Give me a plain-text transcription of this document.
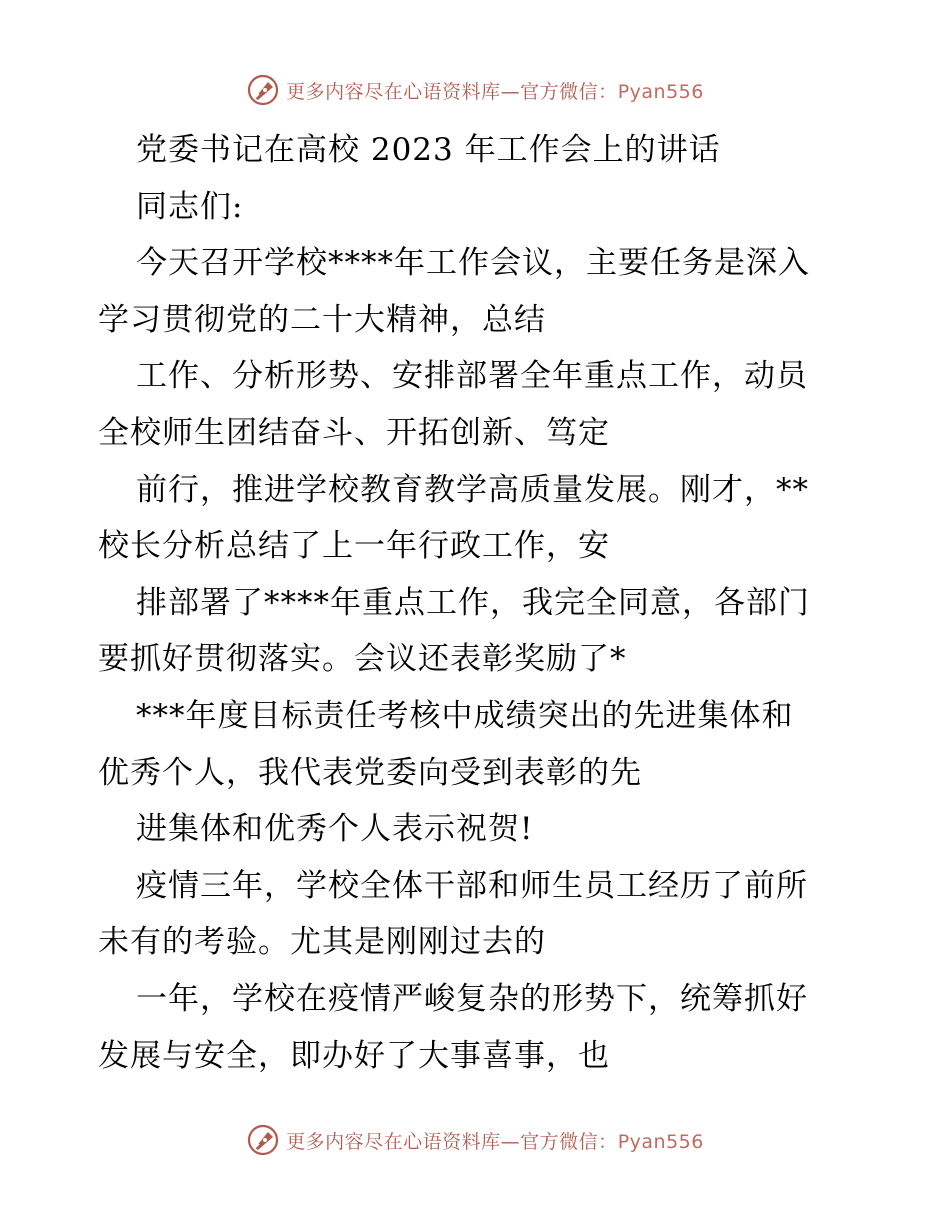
更多内容尽在心语资料库—官方微信：Pyan556
党委书记在高校 2023 年工作会上的讲话
同志们:
今天召开学校****年工作会议，主要任务是深入
学习贯彻党的二十大精神，总结
工作、分析形势、安排部署全年重点工作，动员
全校师生团结奋斗、开拓创新、笃定
前行，推进学校教育教学高质量发展。刚才，**
校长分析总结了上一年行政工作，安
排部署了****年重点工作，我完全同意，各部门
要抓好贯彻落实。会议还表彰奖励了*
***年度目标责任考核中成绩突出的先进集体和
优秀个人，我代表党委向受到表彰的先
进集体和优秀个人表示祝贺!
疫情三年，学校全体干部和师生员工经历了前所
未有的考验。尤其是刚刚过去的
一年，学校在疫情严峻复杂的形势下，统筹抓好
发展与安全，即办好了大事喜事，也
更多内容尽在心语资料库—官方微信：Pyan556
